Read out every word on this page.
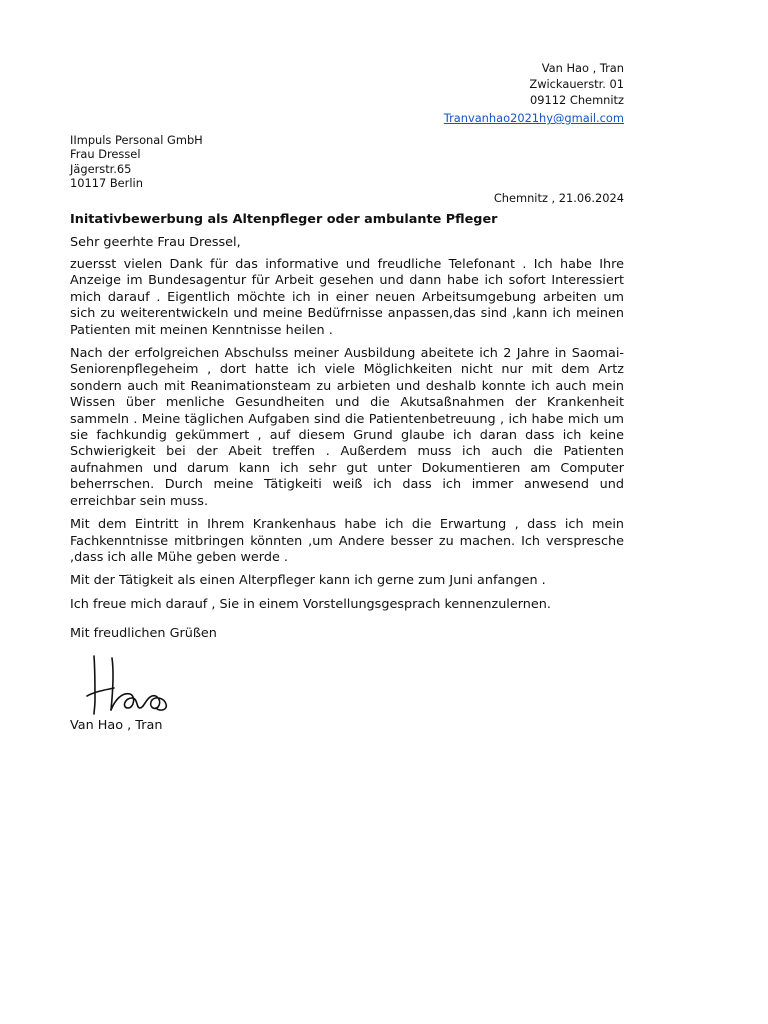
Van Hao , Tran
Zwickauerstr. 01
09112 Chemnitz
Tranvanhao2021hy@gmail.com
IImpuls Personal GmbH
Frau Dressel
Jägerstr.65
10117 Berlin
Chemnitz , 21.06.2024
Initativbewerbung als Altenpfleger oder ambulante Pfleger
Sehr geerhte Frau Dressel,

zuersst vielen Dank für das informative und freudliche Telefonant . Ich habe Ihre Anzeige im Bundesagentur für Arbeit gesehen und dann habe ich sofort Interessiert mich darauf . Eigentlich möchte ich in einer neuen Arbeitsumgebung arbeiten um sich zu weiterentwickeln und meine Bedüfrnisse anpassen,das sind ,kann ich meinen Patienten mit meinen Kenntnisse heilen .

Nach der erfolgreichen Abschulss meiner Ausbildung abeitete ich 2 Jahre in Saomai-Seniorenpflegeheim , dort hatte ich viele Möglichkeiten nicht nur mit dem Artz sondern auch mit Reanimationsteam zu arbieten und deshalb konnte ich auch mein Wissen über menliche Gesundheiten und die Akutsaßnahmen der Krankenheit sammeln . Meine täglichen Aufgaben sind die Patientenbetreuung , ich habe mich um sie fachkundig gekümmert , auf diesem Grund glaube ich daran dass ich keine Schwierigkeit bei der Abeit treffen . Außerdem muss ich auch die Patienten aufnahmen und darum kann ich sehr gut unter Dokumentieren am Computer beherrschen. Durch meine Tätigkeiti weiß ich dass ich immer anwesend und erreichbar sein muss.

Mit dem Eintritt in Ihrem Krankenhaus habe ich die Erwartung , dass ich mein Fachkenntnisse mitbringen könnten ,um Andere besser zu machen. Ich verspresche ,dass ich alle Mühe geben werde .

Mit der Tätigkeit als einen Alterpfleger kann ich gerne zum Juni anfangen .

Ich freue mich darauf , Sie in einem Vorstellungsgesprach kennenzulernen.

Mit freudlichen Grüßen
Van Hao , Tran
